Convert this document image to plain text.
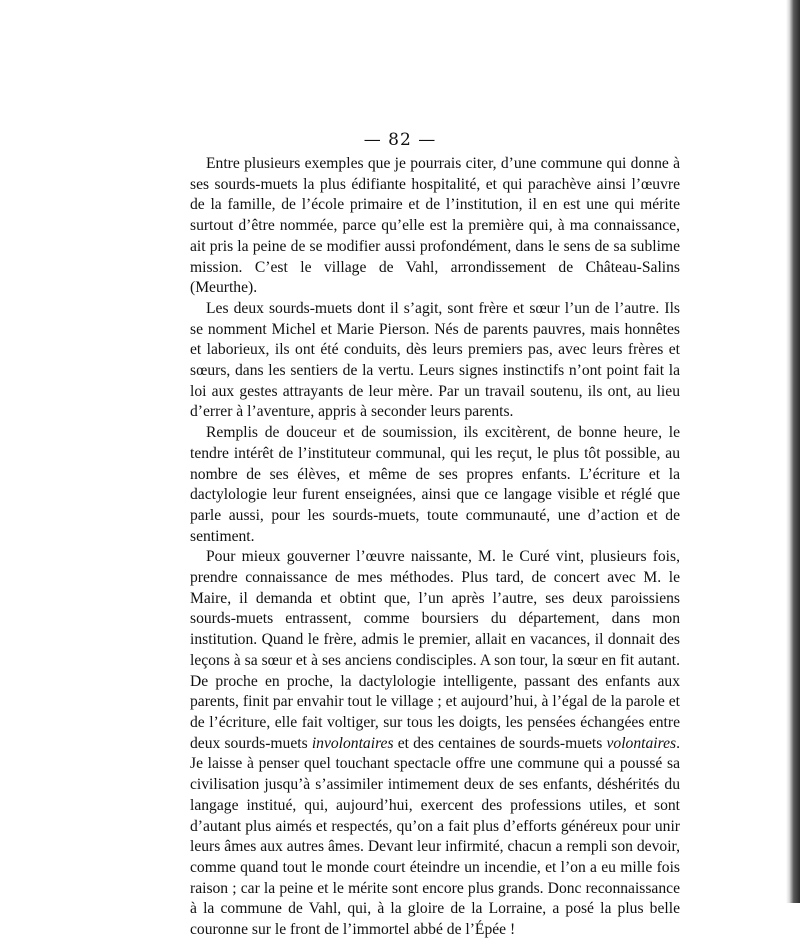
— 82 —

Entre plusieurs exemples que je pourrais citer, d’une commune qui donne à ses sourds-muets la plus édifiante hospitalité, et qui parachève ainsi l’œuvre de la famille, de l’école primaire et de l’institution, il en est une qui mérite surtout d’être nommée, parce qu’elle est la première qui, à ma connaissance, ait pris la peine de se modifier aussi profondément, dans le sens de sa sublime mission. C’est le village de Vahl, arrondissement de Château-Salins (Meurthe).

Les deux sourds-muets dont il s’agit, sont frère et sœur l’un de l’autre. Ils se nomment Michel et Marie Pierson. Nés de parents pauvres, mais honnêtes et laborieux, ils ont été conduits, dès leurs premiers pas, avec leurs frères et sœurs, dans les sentiers de la vertu. Leurs signes instinctifs n’ont point fait la loi aux gestes attrayants de leur mère. Par un travail soutenu, ils ont, au lieu d’errer à l’aventure, appris à seconder leurs parents.

Remplis de douceur et de soumission, ils excitèrent, de bonne heure, le tendre intérêt de l’instituteur communal, qui les reçut, le plus tôt possible, au nombre de ses élèves, et même de ses propres enfants. L’écriture et la dactylologie leur furent enseignées, ainsi que ce langage visible et réglé que parle aussi, pour les sourds-muets, toute communauté, une d’action et de sentiment.

Pour mieux gouverner l’œuvre naissante, M. le Curé vint, plusieurs fois, prendre connaissance de mes méthodes. Plus tard, de concert avec M. le Maire, il demanda et obtint que, l’un après l’autre, ses deux paroissiens sourds-muets entrassent, comme boursiers du département, dans mon institution. Quand le frère, admis le premier, allait en vacances, il donnait des leçons à sa sœur et à ses anciens condisciples. A son tour, la sœur en fit autant. De proche en proche, la dactylologie intelligente, passant des enfants aux parents, finit par envahir tout le village ; et aujourd’hui, à l’égal de la parole et de l’écriture, elle fait voltiger, sur tous les doigts, les pensées échangées entre deux sourds-muets involontaires et des centaines de sourds-muets volontaires. Je laisse à penser quel touchant spectacle offre une commune qui a poussé sa civilisation jusqu’à s’assimiler intimement deux de ses enfants, déshérités du langage institué, qui, aujourd’hui, exercent des professions utiles, et sont d’autant plus aimés et respectés, qu’on a fait plus d’efforts généreux pour unir leurs âmes aux autres âmes. Devant leur infirmité, chacun a rempli son devoir, comme quand tout le monde court éteindre un incendie, et l’on a eu mille fois raison ; car la peine et le mérite sont encore plus grands. Donc reconnaissance à la commune de Vahl, qui, à la gloire de la Lorraine, a posé la plus belle couronne sur le front de l’immortel abbé de l’Épée !
